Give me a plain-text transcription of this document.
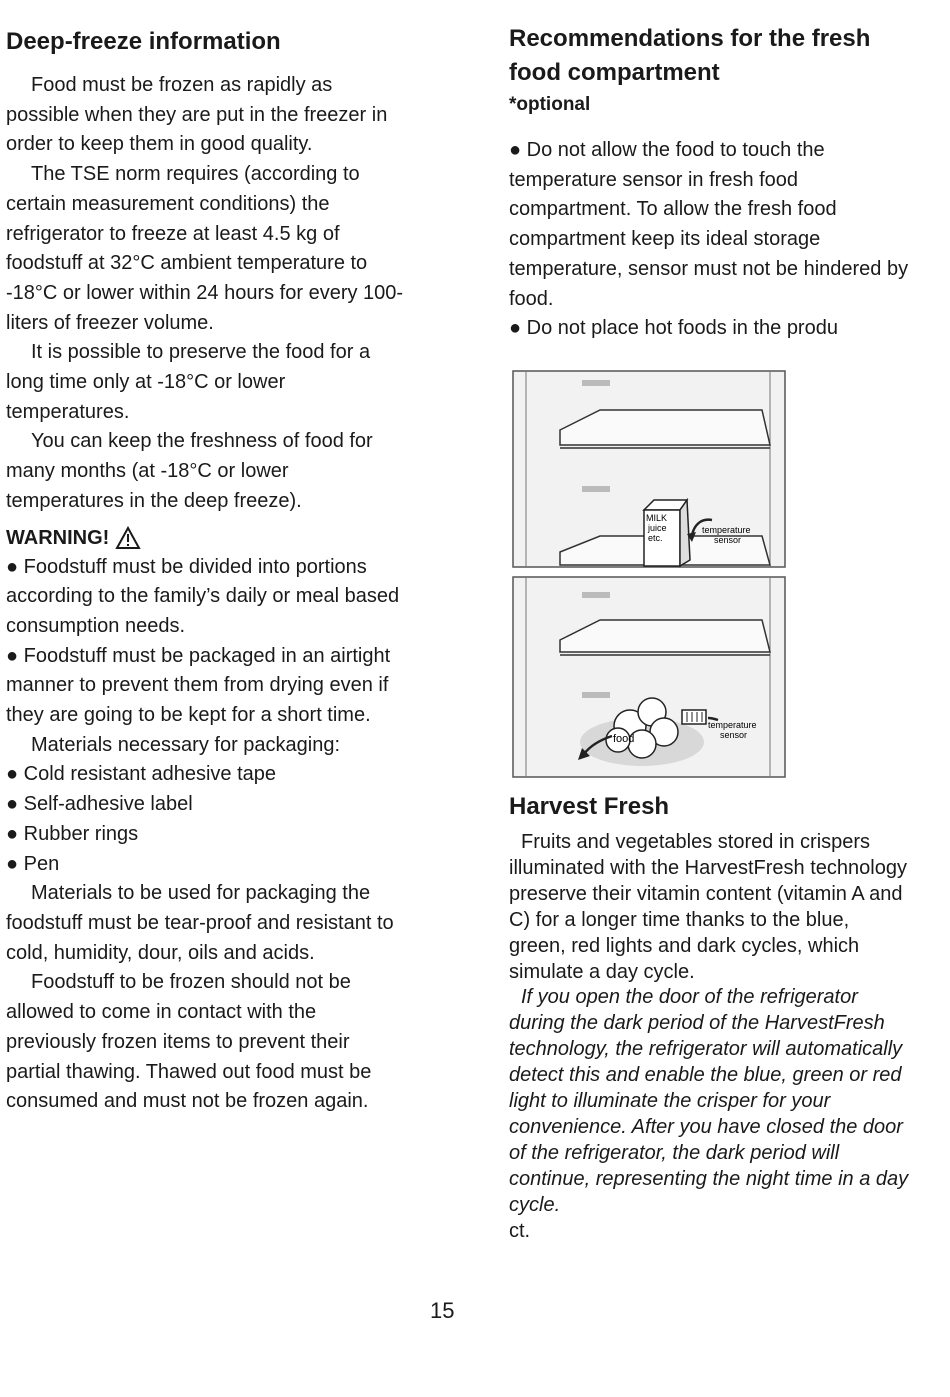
Deep-freeze information

Food must be frozen as rapidly as possible when they are put in the freezer in order to keep them in good quality.

The TSE norm requires (according to certain measurement conditions) the refrigerator to freeze at least 4.5 kg of foodstuff at 32°C ambient temperature to -18°C or lower within 24 hours for every 100-liters of freezer volume.

It is possible to preserve the food for a long time only at -18°C or lower temperatures.

You can keep the freshness of food for many months (at -18°C or lower temperatures in the deep freeze).

WARNING!

● Foodstuff must be divided into portions according to the family’s daily or meal based consumption needs.

● Foodstuff must be packaged in an airtight manner to prevent them from drying even if they are going to be kept for a short time.

Materials necessary for packaging:

● Cold resistant adhesive tape

● Self-adhesive label

● Rubber rings

● Pen

Materials to be used for packaging the foodstuff must be tear-proof and resistant to cold, humidity, dour, oils and acids.

Foodstuff to be frozen should not be allowed to come in contact with the previously frozen items to prevent their partial thawing. Thawed out food must be consumed and must not be frozen again.

Recommendations for the fresh food compartment
*optional

● Do not allow the food to touch the temperature sensor in fresh food compartment. To allow the fresh food compartment keep its ideal storage temperature, sensor must not be hindered by food.

● Do not place hot foods in the produ

MILK
juice
etc.
temperature
sensor
food
temperature
sensor
Harvest Fresh

Fruits and vegetables stored in crispers illuminated with the HarvestFresh technology preserve their vitamin content (vitamin A and C) for a longer time thanks to the blue, green, red lights and dark cycles, which simulate a day cycle.

If you open the door of the refrigerator during the dark period of the HarvestFresh technology, the refrigerator will automatically detect this and enable the blue, green or red light to illuminate the crisper for your convenience. After you have closed the door of the refrigerator, the dark period will continue, representing the night time in a day cycle.

ct.

15
